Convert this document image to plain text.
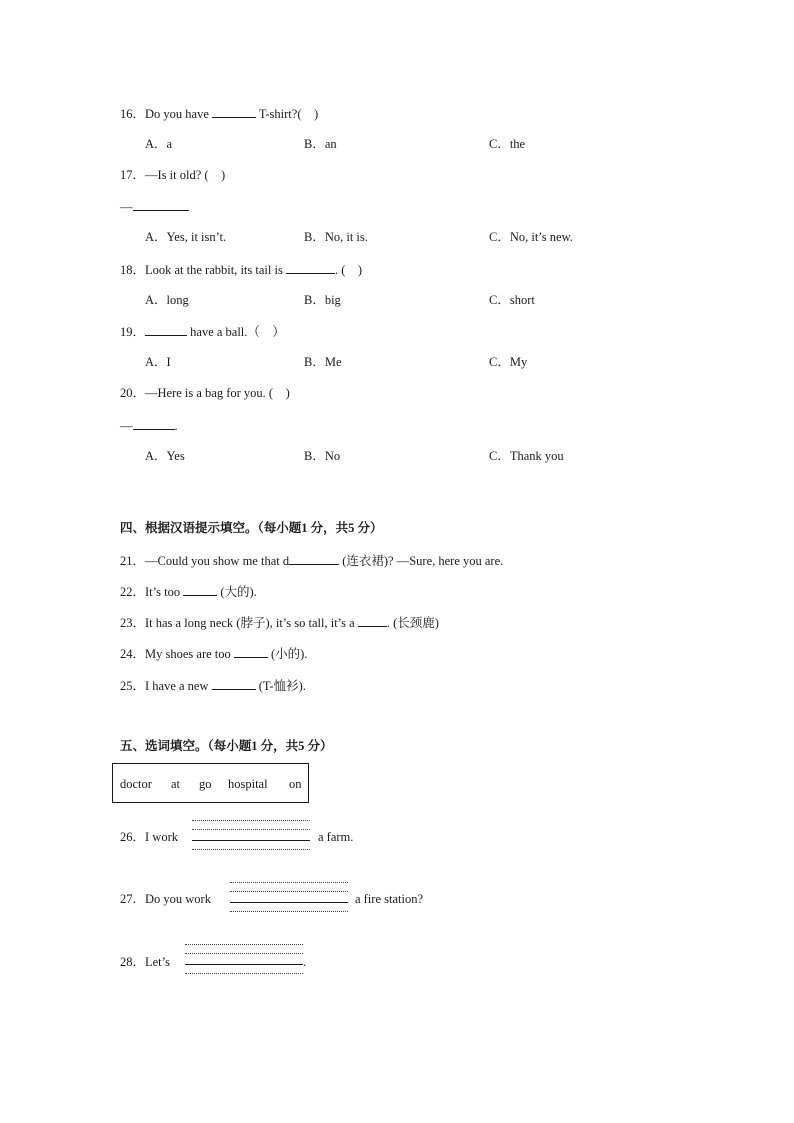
16．Do you have	T-shirt?(　)
A．a	B．an	C．the
17．—Is it old? (　)
—
A．Yes, it isn’t.	B．No, it is.	C．No, it’s new.
18．Look at the rabbit, its tail is	. (　)
A．long	B．big	C．short
19．	have a ball.（　）
A．I	B．Me	C．My
20．—Here is a bag for you. (　)
—	.
A．Yes	B．No	C．Thank you
四、根据汉语提示填空。（每小题1 分，共5 分）
21．—Could you show me that d	(连衣裙)? —Sure, here you are.
22．It’s too	(大的).
23．It has a long neck (脖子), it’s so tall, it’s a . (长颈鹿)
24．My shoes are too	(小的).
25．I have a new	(T-恤衫).
五、选词填空。（每小题1 分，共5 分）
doctor at go hospital on
26．I work	a farm.
27．Do you work	a fire station?
28．Let’s	.
